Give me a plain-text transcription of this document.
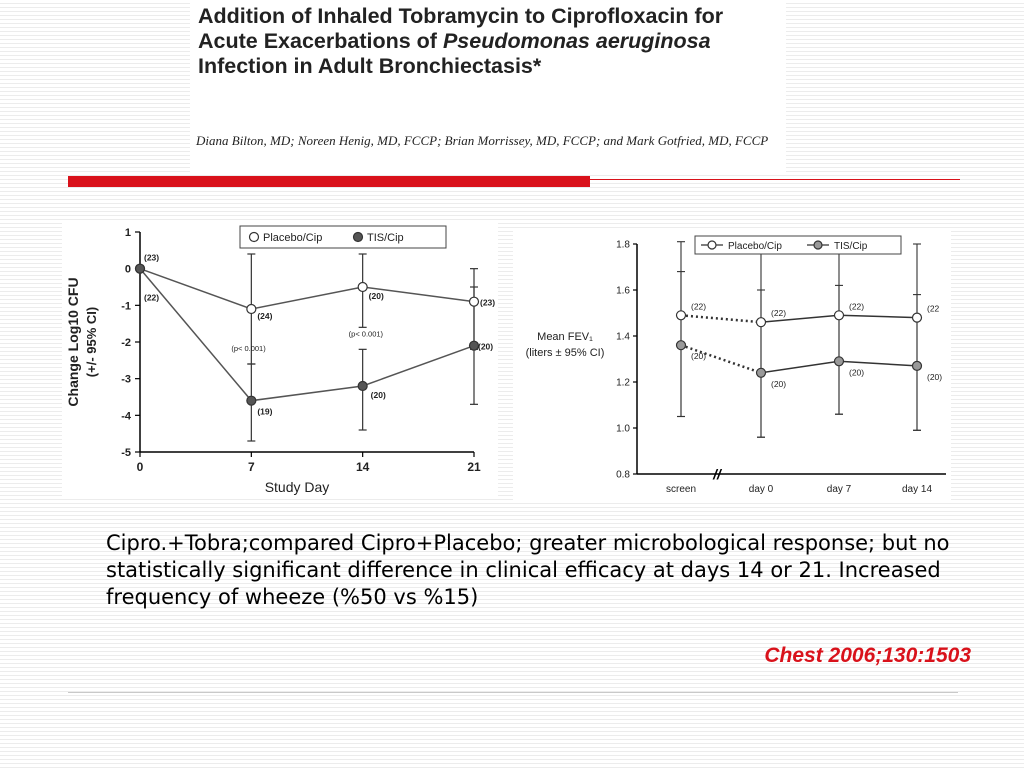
Addition of Inhaled Tobramycin to Ciprofloxacin for Acute Exacerbations of Pseudomonas aeruginosa Infection in Adult Bronchiectasis*
Diana Bilton, MD; Noreen Henig, MD, FCCP; Brian Morrissey, MD, FCCP; and Mark Gotfried, MD, FCCP
1
0
-1
-2
-3
-4
-5
0	7	14	21
Study Day
Change Log10 CFU (+/- 95% CI)
(23)
(24)
(20)
(23)
(22)
(19)
(20)
(20)
(p< 0.001)
(p< 0.001)
Placebo/Cip	TIS/Cip
1.8
1.6
1.4
1.2
1.0
0.8
screen	day 0	day 7	day 14
//
Mean FEV₁
(liters ± 95% CI)
(22)
(22)
(22)	(22
(20)
(20)
(20)	(20)
Placebo/Cip	TIS/Cip

Cipro.+Tobra;compared Cipro+Placebo; greater microbological response; but no statistically significant difference in clinical efficacy at days 14 or 21. Increased frequency of wheeze (%50 vs %15)

Chest 2006;130:1503
